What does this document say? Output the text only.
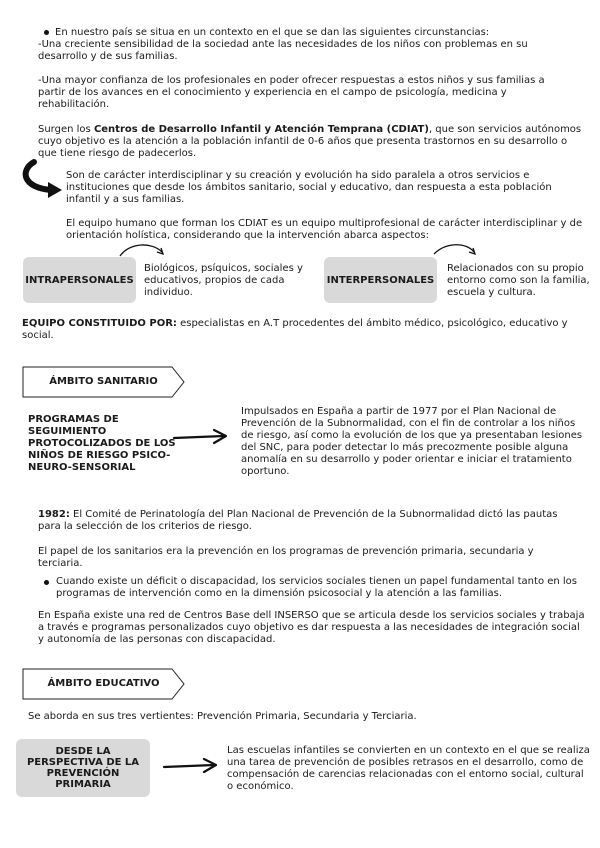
En nuestro país se situa en un contexto en el que se dan las siguientes circunstancias:

-Una creciente sensibilidad de la sociedad ante las necesidades de los niños con problemas en su desarrollo y de sus familias.

-Una mayor confianza de los profesionales en poder ofrecer respuestas a estos niños y sus familias a partir de los avances en el conocimiento y experiencia en el campo de psicología, medicina y rehabilitación.

Surgen los Centros de Desarrollo Infantil y Atención Temprana (CDIAT), que son servicios autónomos cuyo objetivo es la atención a la población infantil de 0-6 años que presenta trastornos en su desarrollo o que tiene riesgo de padecerlos.

Son de carácter interdisciplinar y su creación y evolución ha sido paralela a otros servicios e instituciones que desde los ámbitos sanitario, social y educativo, dan respuesta a esta población infantil y a sus familias.

El equipo humano que forman los CDIAT es un equipo multiprofesional de carácter interdisciplinar y de orientación holística, considerando que la intervención abarca aspectos:

INTRAPERSONALES

Biológicos, psíquicos, sociales y educativos, propios de cada individuo.

INTERPERSONALES

Relacionados con su propio entorno como son la familia, escuela y cultura.

EQUIPO CONSTITUIDO POR: especialistas en A.T procedentes del ámbito médico, psicológico, educativo y social.

ÁMBITO SANITARIO

PROGRAMAS DE SEGUIMIENTO PROTOCOLIZADOS DE LOS NIÑOS DE RIESGO PSICO-NEURO-SENSORIAL

Impulsados en España a partir de 1977 por el Plan Nacional de Prevención de la Subnormalidad, con el fin de controlar a los niños de riesgo, así como la evolución de los que ya presentaban lesiones del SNC, para poder detectar lo más precozmente posible alguna anomalía en su desarrollo y poder orientar e iniciar el tratamiento oportuno.

1982: El Comité de Perinatología del Plan Nacional de Prevención de la Subnormalidad dictó las pautas para la selección de los criterios de riesgo.

El papel de los sanitarios era la prevención en los programas de prevención primaria, secundaria y terciaria.

Cuando existe un déficit o discapacidad, los servicios sociales tienen un papel fundamental tanto en los programas de intervención como en la dimensión psicosocial y la atención a las familias.

En España existe una red de Centros Base dell INSERSO que se articula desde los servicios sociales y trabaja a través e programas personalizados cuyo objetivo es dar respuesta a las necesidades de integración social y autonomía de las personas con discapacidad.

ÁMBITO EDUCATIVO

Se aborda en sus tres vertientes: Prevención Primaria, Secundaria y Terciaria.

DESDE LA PERSPECTIVA DE LA PREVENCIÓN PRIMARIA

Las escuelas infantiles se convierten en un contexto en el que se realiza una tarea de prevención de posibles retrasos en el desarrollo, como de compensación de carencias relacionadas con el entorno social, cultural o económico.
